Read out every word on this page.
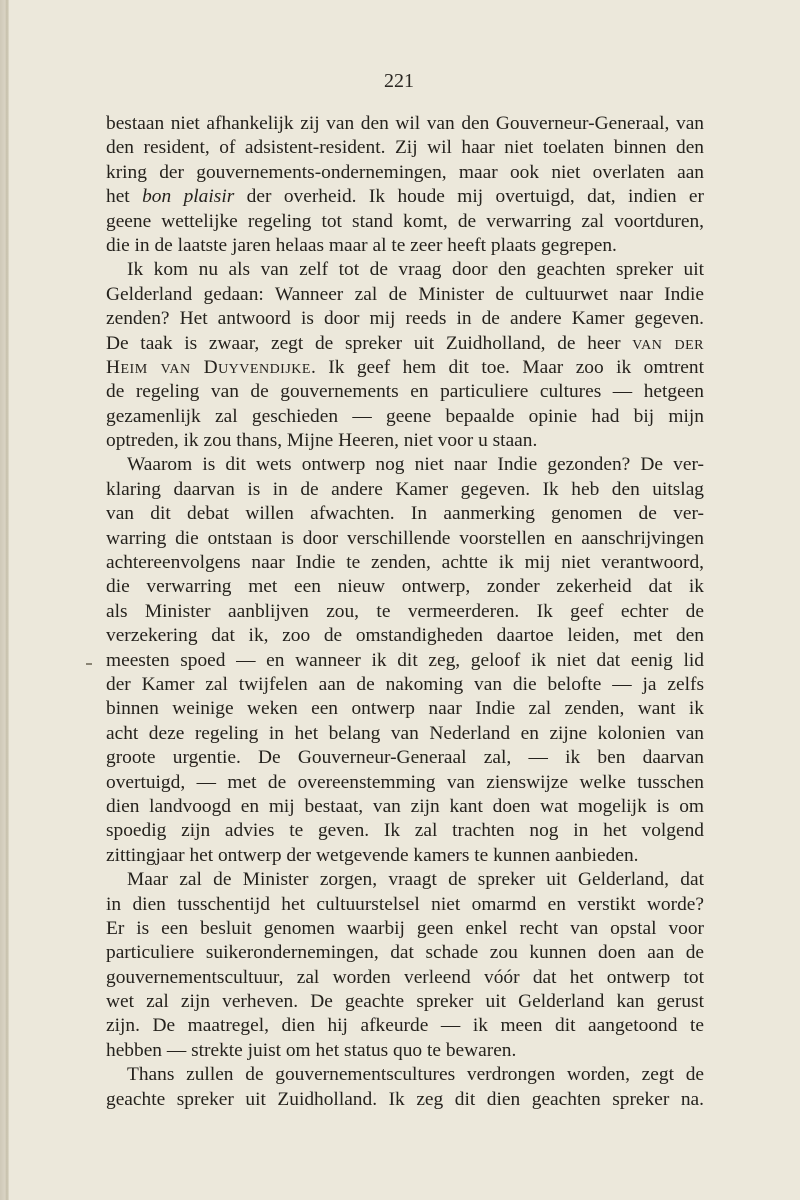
221
bestaan niet afhankelijk zij van den wil van den Gouverneur-Generaal, van
den resident, of adsistent-resident. Zij wil haar niet toelaten binnen den
kring der gouvernements-ondernemingen, maar ook niet overlaten aan
het bon plaisir der overheid. Ik houde mij overtuigd, dat, indien er
geene wettelijke regeling tot stand komt, de verwarring zal voortduren,
die in de laatste jaren helaas maar al te zeer heeft plaats gegrepen.
Ik kom nu als van zelf tot de vraag door den geachten spreker uit
Gelderland gedaan: Wanneer zal de Minister de cultuurwet naar Indie
zenden? Het antwoord is door mij reeds in de andere Kamer gegeven.
De taak is zwaar, zegt de spreker uit Zuidholland, de heer van der
Heim van Duyvendijke. Ik geef hem dit toe. Maar zoo ik omtrent
de regeling van de gouvernements en particuliere cultures — hetgeen
gezamenlijk zal geschieden — geene bepaalde opinie had bij mijn
optreden, ik zou thans, Mijne Heeren, niet voor u staan.
Waarom is dit wets ontwerp nog niet naar Indie gezonden? De ver-
klaring daarvan is in de andere Kamer gegeven. Ik heb den uitslag
van dit debat willen afwachten. In aanmerking genomen de ver-
warring die ontstaan is door verschillende voorstellen en aanschrijvingen
achtereenvolgens naar Indie te zenden, achtte ik mij niet verantwoord,
die verwarring met een nieuw ontwerp, zonder zekerheid dat ik
als Minister aanblijven zou, te vermeerderen. Ik geef echter de
verzekering dat ik, zoo de omstandigheden daartoe leiden, met den
meesten spoed — en wanneer ik dit zeg, geloof ik niet dat eenig lid
der Kamer zal twijfelen aan de nakoming van die belofte — ja zelfs
binnen weinige weken een ontwerp naar Indie zal zenden, want ik
acht deze regeling in het belang van Nederland en zijne kolonien van
groote urgentie. De Gouverneur-Generaal zal, — ik ben daarvan
overtuigd, — met de overeenstemming van zienswijze welke tusschen
dien landvoogd en mij bestaat, van zijn kant doen wat mogelijk is om
spoedig zijn advies te geven. Ik zal trachten nog in het volgend
zittingjaar het ontwerp der wetgevende kamers te kunnen aanbieden.
Maar zal de Minister zorgen, vraagt de spreker uit Gelderland, dat
in dien tusschentijd het cultuurstelsel niet omarmd en verstikt worde?
Er is een besluit genomen waarbij geen enkel recht van opstal voor
particuliere suikerondernemingen, dat schade zou kunnen doen aan de
gouvernementscultuur, zal worden verleend vóór dat het ontwerp tot
wet zal zijn verheven. De geachte spreker uit Gelderland kan gerust
zijn. De maatregel, dien hij afkeurde — ik meen dit aangetoond te
hebben — strekte juist om het status quo te bewaren.
Thans zullen de gouvernementscultures verdrongen worden, zegt de
geachte spreker uit Zuidholland. Ik zeg dit dien geachten spreker na.
